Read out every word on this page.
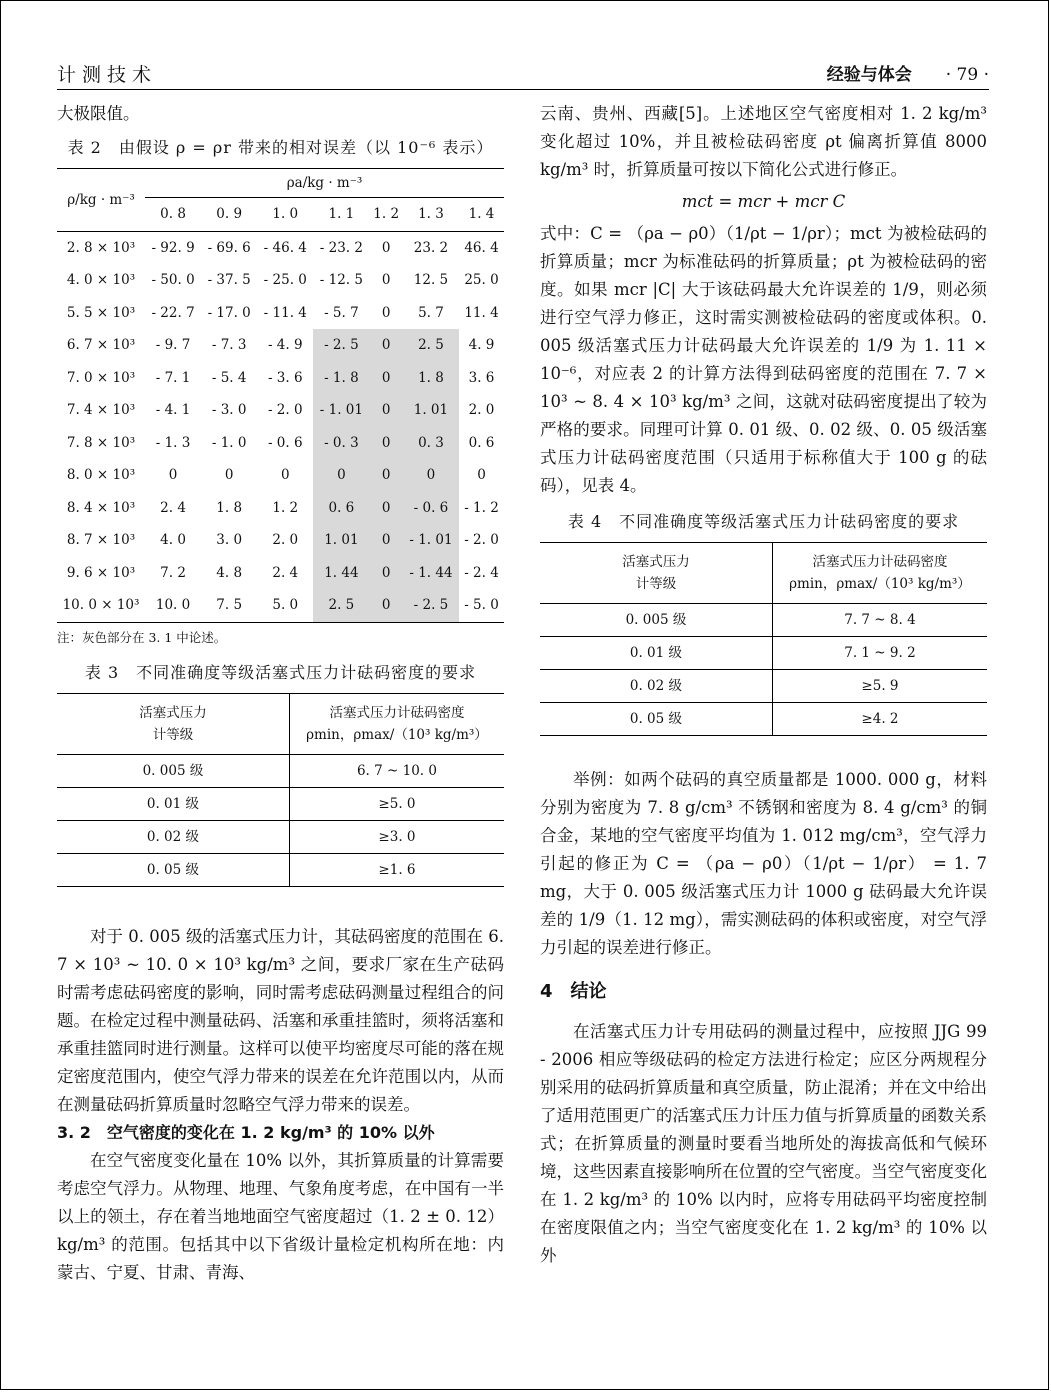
计测技术	经验与体会 · 79 ·

大极限值。

表 2　由假设 ρ = ρr 带来的相对误差（以 10⁻⁶ 表示）
ρ/kg · m⁻³	ρa/kg · m⁻³						
	0. 8	0. 9	1. 0	1. 1	1. 2	1. 3	1. 4
2. 8 × 10³	- 92. 9	- 69. 6	- 46. 4	- 23. 2	0	23. 2	46. 4
4. 0 × 10³	- 50. 0	- 37. 5	- 25. 0	- 12. 5	0	12. 5	25. 0
5. 5 × 10³	- 22. 7	- 17. 0	- 11. 4	- 5. 7	0	5. 7	11. 4
6. 7 × 10³	- 9. 7	- 7. 3	- 4. 9	- 2. 5	0	2. 5	4. 9
7. 0 × 10³	- 7. 1	- 5. 4	- 3. 6	- 1. 8	0	1. 8	3. 6
7. 4 × 10³	- 4. 1	- 3. 0	- 2. 0	- 1. 01	0	1. 01	2. 0
7. 8 × 10³	- 1. 3	- 1. 0	- 0. 6	- 0. 3	0	0. 3	0. 6
8. 0 × 10³	0	0	0	0	0	0	0
8. 4 × 10³	2. 4	1. 8	1. 2	0. 6	0	- 0. 6	- 1. 2
8. 7 × 10³	4. 0	3. 0	2. 0	1. 01	0	- 1. 01	- 2. 0
9. 6 × 10³	7. 2	4. 8	2. 4	1. 44	0	- 1. 44	- 2. 4
10. 0 × 10³	10. 0	7. 5	5. 0	2. 5	0	- 2. 5	- 5. 0
注：灰色部分在 3. 1 中论述。
表 3　不同准确度等级活塞式压力计砝码密度的要求
活塞式压力
计等级	活塞式压力计砝码密度
ρmin，ρmax/（10³ kg/m³）
0. 005 级	6. 7 ~ 10. 0
0. 01 级	≥5. 0
0. 02 级	≥3. 0
0. 05 级	≥1. 6

对于 0. 005 级的活塞式压力计，其砝码密度的范围在 6. 7 × 10³ ~ 10. 0 × 10³ kg/m³ 之间，要求厂家在生产砝码时需考虑砝码密度的影响，同时需考虑砝码测量过程组合的问题。在检定过程中测量砝码、活塞和承重挂篮时，须将活塞和承重挂篮同时进行测量。这样可以使平均密度尽可能的落在规定密度范围内，使空气浮力带来的误差在允许范围以内，从而在测量砝码折算质量时忽略空气浮力带来的误差。

3. 2　空气密度的变化在 1. 2 kg/m³ 的 10% 以外

在空气密度变化量在 10% 以外，其折算质量的计算需要考虑空气浮力。从物理、地理、气象角度考虑，在中国有一半以上的领土，存在着当地地面空气密度超过（1. 2 ± 0. 12）kg/m³ 的范围。包括其中以下省级计量检定机构所在地：内蒙古、宁夏、甘肃、青海、

云南、贵州、西藏[5]。上述地区空气密度相对 1. 2 kg/m³ 变化超过 10%，并且被检砝码密度 ρt 偏离折算值 8000 kg/m³ 时，折算质量可按以下简化公式进行修正。

mct = mcr + mcr C

式中：C = （ρa − ρ0）（1/ρt − 1/ρr）；mct 为被检砝码的折算质量；mcr 为标准砝码的折算质量；ρt 为被检砝码的密度。如果 mcr |C| 大于该砝码最大允许误差的 1/9，则必须进行空气浮力修正，这时需实测被检砝码的密度或体积。0. 005 级活塞式压力计砝码最大允许误差的 1/9 为 1. 11 × 10⁻⁶，对应表 2 的计算方法得到砝码密度的范围在 7. 7 × 10³ ~ 8. 4 × 10³ kg/m³ 之间，这就对砝码密度提出了较为严格的要求。同理可计算 0. 01 级、0. 02 级、0. 05 级活塞式压力计砝码密度范围（只适用于标称值大于 100 g 的砝码），见表 4。

表 4　不同准确度等级活塞式压力计砝码密度的要求
活塞式压力
计等级	活塞式压力计砝码密度
ρmin，ρmax/（10³ kg/m³）
0. 005 级	7. 7 ~ 8. 4
0. 01 级	7. 1 ~ 9. 2
0. 02 级	≥5. 9
0. 05 级	≥4. 2

举例：如两个砝码的真空质量都是 1000. 000 g，材料分别为密度为 7. 8 g/cm³ 不锈钢和密度为 8. 4 g/cm³ 的铜合金，某地的空气密度平均值为 1. 012 mg/cm³，空气浮力引起的修正为 C = （ρa − ρ0）（1/ρt − 1/ρr） = 1. 7 mg，大于 0. 005 级活塞式压力计 1000 g 砝码最大允许误差的 1/9（1. 12 mg），需实测砝码的体积或密度，对空气浮力引起的误差进行修正。

4　结论

在活塞式压力计专用砝码的测量过程中，应按照 JJG 99 - 2006 相应等级砝码的检定方法进行检定；应区分两规程分别采用的砝码折算质量和真空质量，防止混淆；并在文中给出了适用范围更广的活塞式压力计压力值与折算质量的函数关系式；在折算质量的测量时要看当地所处的海拔高低和气候环境，这些因素直接影响所在位置的空气密度。当空气密度变化在 1. 2 kg/m³ 的 10% 以内时，应将专用砝码平均密度控制在密度限值之内；当空气密度变化在 1. 2 kg/m³ 的 10% 以外
